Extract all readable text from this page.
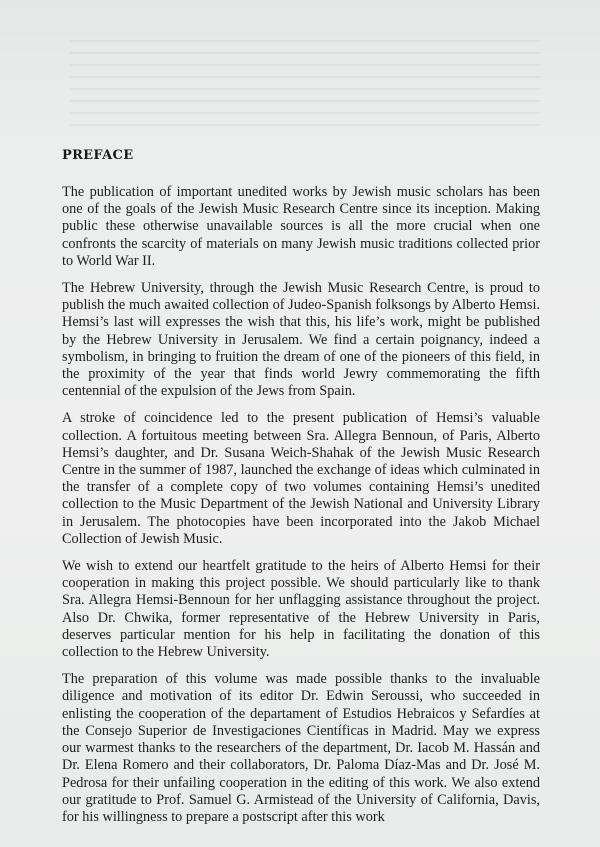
PREFACE

The publication of important unedited works by Jewish music scholars has been one of the goals of the Jewish Music Research Centre since its inception. Making public these otherwise unavailable sources is all the more crucial when one confronts the scarcity of materials on many Jewish music traditions collected prior to World War II.

The Hebrew University, through the Jewish Music Research Centre, is proud to publish the much awaited collection of Judeo-Spanish folksongs by Alberto Hemsi. Hemsi’s last will expresses the wish that this, his life’s work, might be published by the Hebrew University in Jerusalem. We find a certain poignancy, indeed a symbolism, in bringing to fruition the dream of one of the pioneers of this field, in the proximity of the year that finds world Jewry commemorating the fifth centennial of the expulsion of the Jews from Spain.

A stroke of coincidence led to the present publication of Hemsi’s valuable collection. A fortuitous meeting between Sra. Allegra Bennoun, of Paris, Alberto Hemsi’s daughter, and Dr. Susana Weich-Shahak of the Jewish Music Research Centre in the summer of 1987, launched the exchange of ideas which culminated in the transfer of a complete copy of two volumes containing Hemsi’s unedited collection to the Music Department of the Jewish National and University Library in Jerusalem. The photocopies have been incorporated into the Jakob Michael Collection of Jewish Music.

We wish to extend our heartfelt gratitude to the heirs of Alberto Hemsi for their cooperation in making this project possible. We should particularly like to thank Sra. Allegra Hemsi-Bennoun for her unflagging assistance throughout the project. Also Dr. Chwika, former representative of the Hebrew University in Paris, deserves particular mention for his help in facilitating the donation of this collection to the Hebrew University.

The preparation of this volume was made possible thanks to the invaluable diligence and motivation of its editor Dr. Edwin Seroussi, who succeeded in enlisting the cooperation of the departament of Estudios Hebraicos y Sefardíes at the Consejo Superior de Investigaciones Científicas in Madrid. May we express our warmest thanks to the researchers of the department, Dr. Iacob M. Hassán and Dr. Elena Romero and their collaborators, Dr. Paloma Díaz-Mas and Dr. José M. Pedrosa for their unfailing cooperation in the editing of this work. We also extend our gratitude to Prof. Samuel G. Armistead of the University of California, Davis, for his willingness to prepare a postscript after this work
